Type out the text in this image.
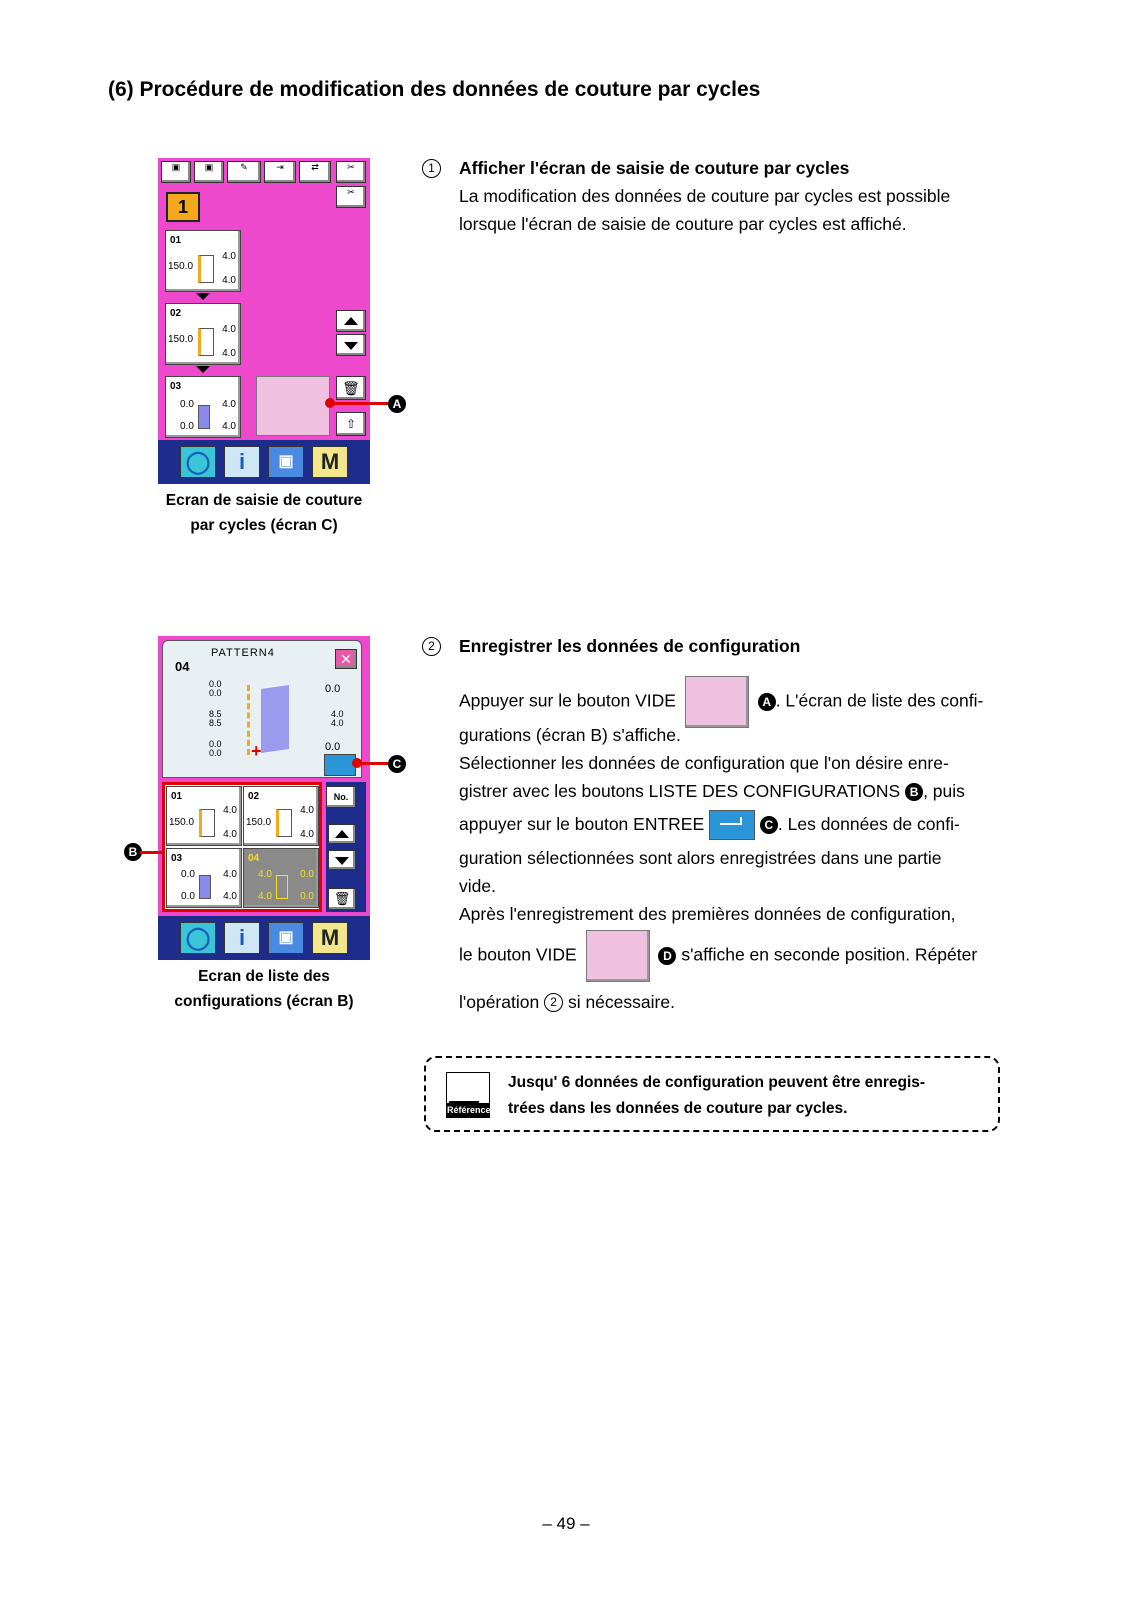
(6) Procédure de modification des données de couture par cycles
▣	▣	✎	⇥	⇄	✂
✂
1
01
150.0
4.0
4.0
02
150.0
4.0
4.0
03
0.0
0.0
4.0
4.0
🗑
⇧
◯	i	▣	M
A
Ecran de saisie de couture
par cycles (écran C)
1 Afficher l'écran de saisie de couture par cycles
La modification des données de couture par cycles est possible
lorsque l'écran de saisie de couture par cycles est affiché.
PATTERN4
04	✕
0.0
0.0	0.0
8.5
8.5
4.0
4.0
0.0
0.0	0.0
+
01
150.0
4.0
4.0
02
150.0
4.0
4.0
03
0.0
0.0
4.0
4.0
04
4.0
4.0
0.0
0.0
No.
🗑
◯	i	▣	M
C
B
Ecran de liste des
configurations (écran B)
2	Enregistrer les données de configuration
Appuyer sur le bouton VIDE	A . L'écran de liste des confi-
gurations (écran B) s'affiche.
Sélectionner les données de configuration que l'on désire enre-
gistrer avec les boutons LISTE DES CONFIGURATIONS B , puis
appuyer sur le bouton ENTREE	C . Les données de confi-
guration sélectionnées sont alors enregistrées dans une partie
vide.
Après l'enregistrement des premières données de configuration,
le bouton VIDE	D s'affiche en seconde position. Répéter
l'opération 2 si nécessaire.
Référence
Jusqu' 6 données de configuration peuvent être enregis-
trées dans les données de couture par cycles.
– 49 –
